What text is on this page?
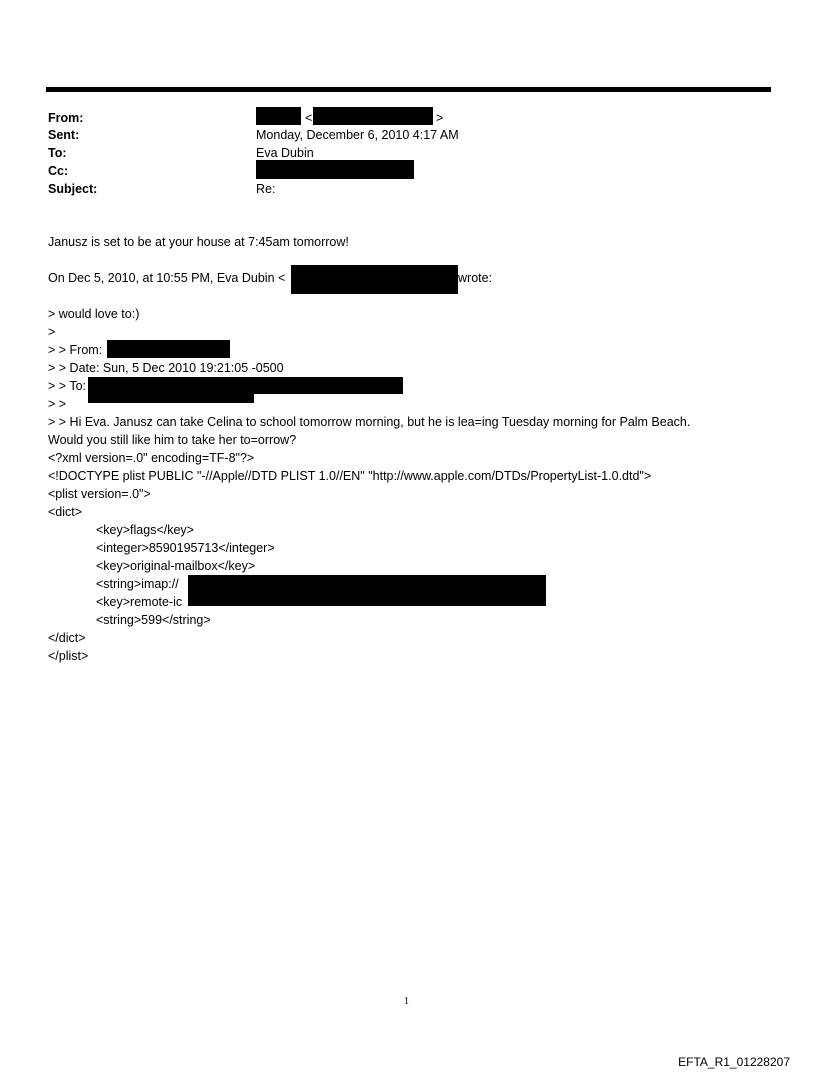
From:	<	>
Sent:	Monday, December 6, 2010 4:17 AM
To:	Eva Dubin
Cc:
Subject:	Re:
Janusz is set to be at your house at 7:45am tomorrow!
On Dec 5, 2010, at 10:55 PM, Eva Dubin <	wrote:
> would love to:)
>
> > From:
> > Date: Sun, 5 Dec 2010 19:21:05 -0500
> > To:
> >
> > Hi Eva. Janusz can take Celina to school tomorrow morning, but he is lea=ing Tuesday morning for Palm Beach.
Would you still like him to take her to=orrow?
<?xml version=.0" encoding=TF-8"?>
<!DOCTYPE plist PUBLIC "-//Apple//DTD PLIST 1.0//EN" "http://www.apple.com/DTDs/PropertyList-1.0.dtd">
<plist version=.0">
<dict>
<key>flags</key>
<integer>8590195713</integer>
<key>original-mailbox</key>
<string>imap://
<key>remote-ic
<string>599</string>
</dict>
</plist>
1
EFTA_R1_01228207
